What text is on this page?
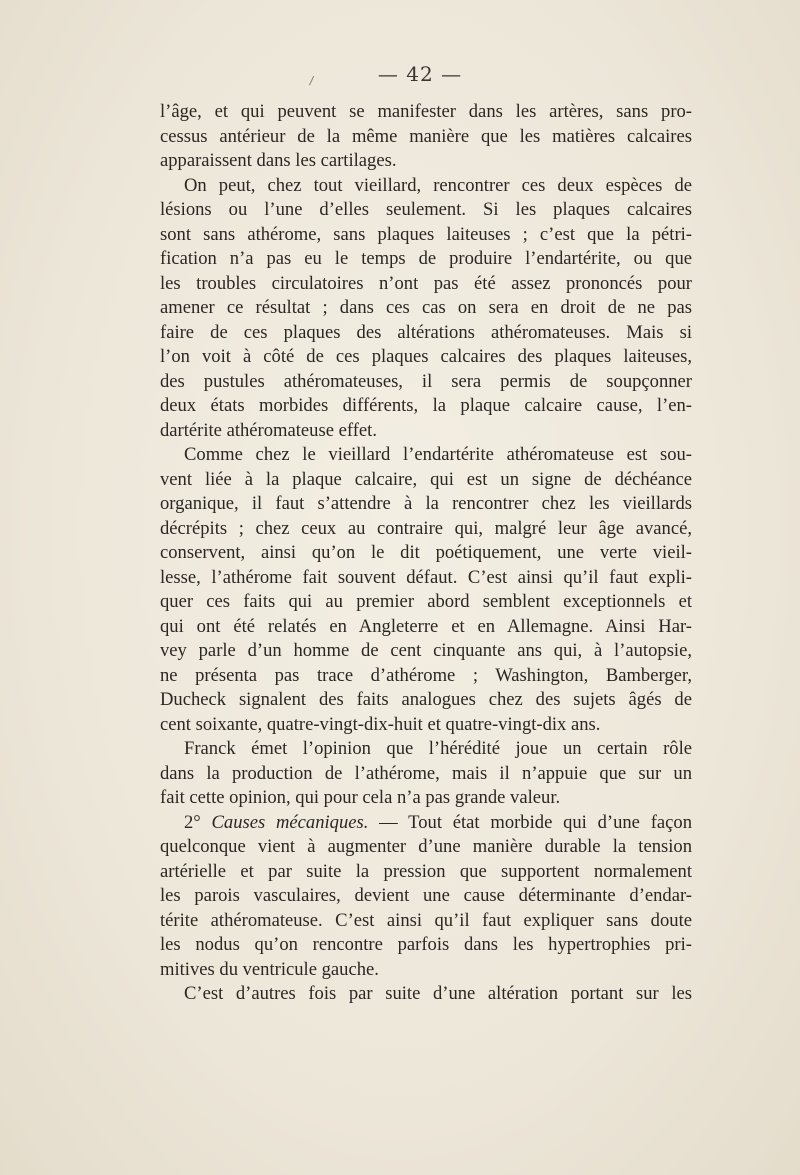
— 42 —
l’âge, et qui peuvent se manifester dans les artères, sans pro-
cessus antérieur de la même manière que les matières calcaires
apparaissent dans les cartilages.
On peut, chez tout vieillard, rencontrer ces deux espèces de
lésions ou l’une d’elles seulement. Si les plaques calcaires
sont sans athérome, sans plaques laiteuses ; c’est que la pétri-
fication n’a pas eu le temps de produire l’endartérite, ou que
les troubles circulatoires n’ont pas été assez prononcés pour
amener ce résultat ; dans ces cas on sera en droit de ne pas
faire de ces plaques des altérations athéromateuses. Mais si
l’on voit à côté de ces plaques calcaires des plaques laiteuses,
des pustules athéromateuses, il sera permis de soupçonner
deux états morbides différents, la plaque calcaire cause, l’en-
dartérite athéromateuse effet.
Comme chez le vieillard l’endartérite athéromateuse est sou-
vent liée à la plaque calcaire, qui est un signe de déchéance
organique, il faut s’attendre à la rencontrer chez les vieillards
décrépits ; chez ceux au contraire qui, malgré leur âge avancé,
conservent, ainsi qu’on le dit poétiquement, une verte vieil-
lesse, l’athérome fait souvent défaut. C’est ainsi qu’il faut expli-
quer ces faits qui au premier abord semblent exceptionnels et
qui ont été relatés en Angleterre et en Allemagne. Ainsi Har-
vey parle d’un homme de cent cinquante ans qui, à l’autopsie,
ne présenta pas trace d’athérome ; Washington, Bamberger,
Ducheck signalent des faits analogues chez des sujets âgés de
cent soixante, quatre-vingt-dix-huit et quatre-vingt-dix ans.
Franck émet l’opinion que l’hérédité joue un certain rôle
dans la production de l’athérome, mais il n’appuie que sur un
fait cette opinion, qui pour cela n’a pas grande valeur.
2° Causes mécaniques. — Tout état morbide qui d’une façon
quelconque vient à augmenter d’une manière durable la tension
artérielle et par suite la pression que supportent normalement
les parois vasculaires, devient une cause déterminante d’endar-
térite athéromateuse. C’est ainsi qu’il faut expliquer sans doute
les nodus qu’on rencontre parfois dans les hypertrophies pri-
mitives du ventricule gauche.
C’est d’autres fois par suite d’une altération portant sur les
